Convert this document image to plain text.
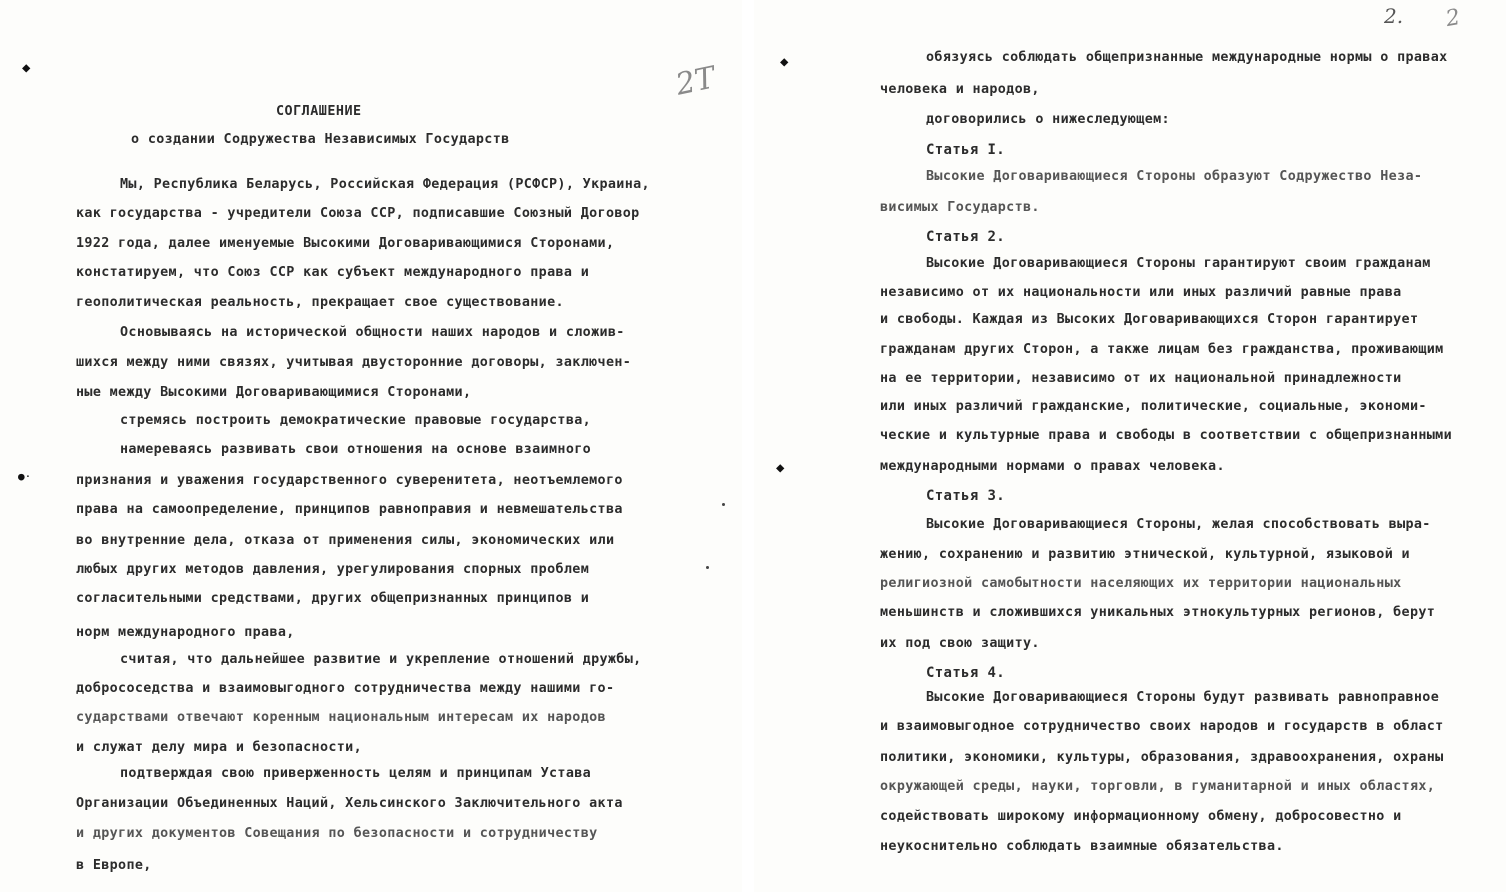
2Т
◆
●·
СОГЛАШЕНИЕ
о создании Содружества Независимых Государств
Мы, Республика Беларусь, Российская Федерация (РСФСР), Украина,
как государства - учредители Союза ССР, подписавшие Союзный Договор
1922 года, далее именуемые Высокими Договаривающимися Сторонами,
констатируем, что Союз ССР как субъект международного права и
геополитическая реальность, прекращает свое существование.
Основываясь на исторической общности наших народов и сложив-
шихся между ними связях, учитывая двусторонние договоры, заключен-
ные между Высокими Договаривающимися Сторонами,
стремясь построить демократические правовые государства,
намереваясь развивать свои отношения на основе взаимного
признания и уважения государственного суверенитета, неотъемлемого
права на самоопределение, принципов равноправия и невмешательства
во внутренние дела, отказа от применения силы, экономических или
любых других методов давления, урегулирования спорных проблем
согласительными средствами, других общепризнанных принципов и
норм международного права,
считая, что дальнейшее развитие и укрепление отношений дружбы,
добрососедства и взаимовыгодного сотрудничества между нашими го-
сударствами отвечают коренным национальным интересам их народов
и служат делу мира и безопасности,
подтверждая свою приверженность целям и принципам Устава
Организации Объединенных Наций, Хельсинского Заключительного акта
и других документов Совещания по безопасности и сотрудничеству
в Европе,
2. 2
◆
◆
обязуясь соблюдать общепризнанные международные нормы о правах
человека и народов,
договорились о нижеследующем:
Статья I.
Высокие Договаривающиеся Стороны образуют Содружество Неза-
висимых Государств.
Статья 2.
Высокие Договаривающиеся Стороны гарантируют своим гражданам
независимо от их национальности или иных различий равные права
и свободы. Каждая из Высоких Договаривающихся Сторон гарантирует
гражданам других Сторон, а также лицам без гражданства, проживающим
на ее территории, независимо от их национальной принадлежности
или иных различий гражданские, политические, социальные, экономи-
ческие и культурные права и свободы в соответствии с общепризнанными
международными нормами о правах человека.
Статья 3.
Высокие Договаривающиеся Стороны, желая способствовать выра-
жению, сохранению и развитию этнической, культурной, языковой и
религиозной самобытности населяющих их территории национальных
меньшинств и сложившихся уникальных этнокультурных регионов, берут
их под свою защиту.
Статья 4.
Высокие Договаривающиеся Стороны будут развивать равноправное
и взаимовыгодное сотрудничество своих народов и государств в област
политики, экономики, культуры, образования, здравоохранения, охраны
окружающей среды, науки, торговли, в гуманитарной и иных областях,
содействовать широкому информационному обмену, добросовестно и
неукоснительно соблюдать взаимные обязательства.
